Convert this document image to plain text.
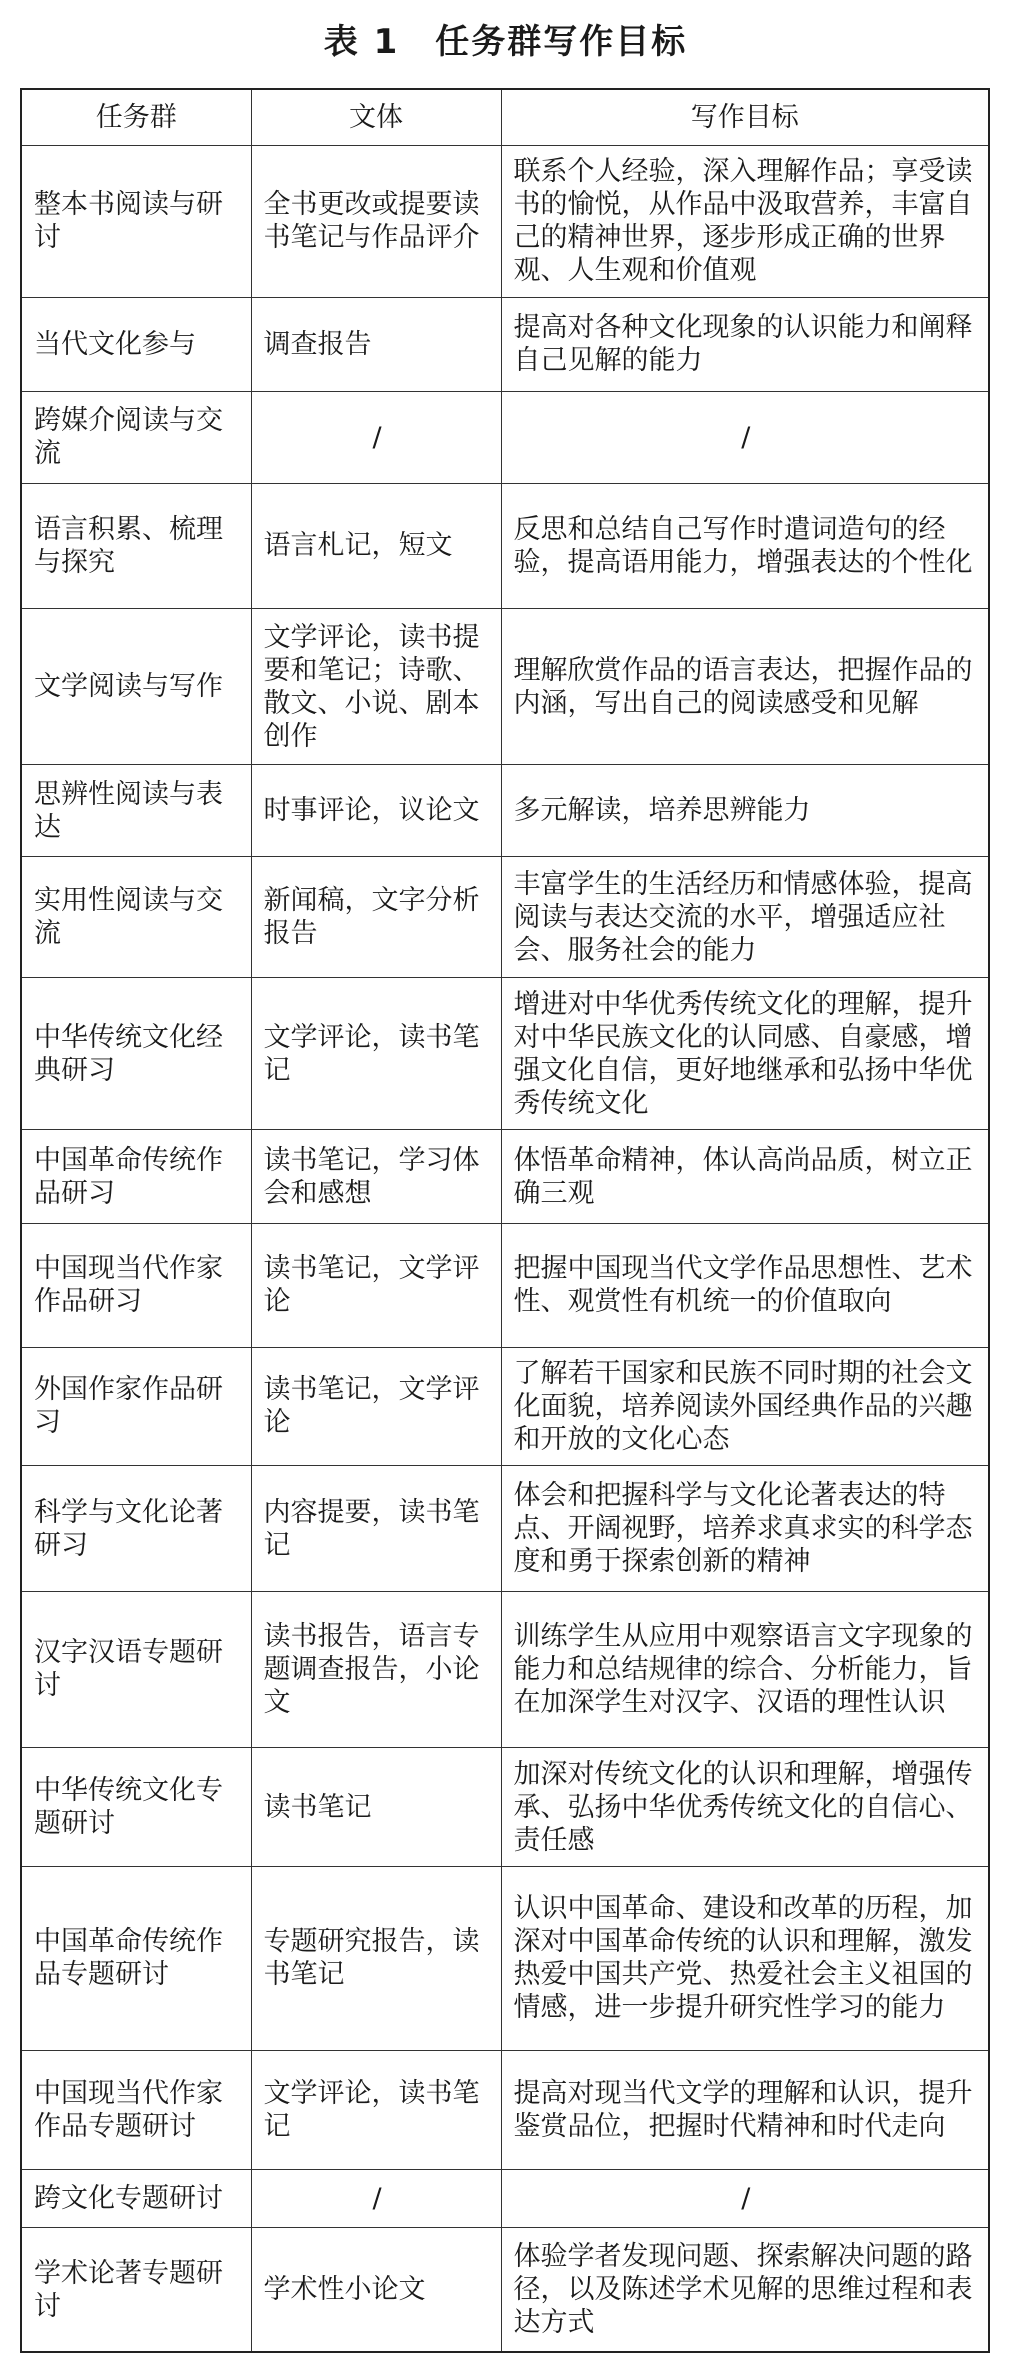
表 1　任务群写作目标
任务群	文体	写作目标
整本书阅读与研讨	全书更改或提要读书笔记与作品评介	联系个人经验，深入理解作品；享受读书的愉悦，从作品中汲取营养，丰富自己的精神世界，逐步形成正确的世界观、人生观和价值观
当代文化参与	调查报告	提高对各种文化现象的认识能力和阐释自己见解的能力
跨媒介阅读与交流	/	/
语言积累、梳理与探究	语言札记，短文	反思和总结自己写作时遣词造句的经验，提高语用能力，增强表达的个性化
文学阅读与写作	文学评论，读书提要和笔记；诗歌、散文、小说、剧本创作	理解欣赏作品的语言表达，把握作品的内涵，写出自己的阅读感受和见解
思辨性阅读与表达	时事评论，议论文	多元解读，培养思辨能力
实用性阅读与交流	新闻稿，文字分析报告	丰富学生的生活经历和情感体验，提高阅读与表达交流的水平，增强适应社会、服务社会的能力
中华传统文化经典研习	文学评论，读书笔记	增进对中华优秀传统文化的理解，提升对中华民族文化的认同感、自豪感，增强文化自信，更好地继承和弘扬中华优秀传统文化
中国革命传统作品研习	读书笔记，学习体会和感想	体悟革命精神，体认高尚品质，树立正确三观
中国现当代作家作品研习	读书笔记，文学评论	把握中国现当代文学作品思想性、艺术性、观赏性有机统一的价值取向
外国作家作品研习	读书笔记，文学评论	了解若干国家和民族不同时期的社会文化面貌，培养阅读外国经典作品的兴趣和开放的文化心态
科学与文化论著研习	内容提要，读书笔记	体会和把握科学与文化论著表达的特点、开阔视野，培养求真求实的科学态度和勇于探索创新的精神
汉字汉语专题研讨	读书报告，语言专题调查报告，小论文	训练学生从应用中观察语言文字现象的能力和总结规律的综合、分析能力，旨在加深学生对汉字、汉语的理性认识
中华传统文化专题研讨	读书笔记	加深对传统文化的认识和理解，增强传承、弘扬中华优秀传统文化的自信心、责任感
中国革命传统作品专题研讨	专题研究报告，读书笔记	认识中国革命、建设和改革的历程，加深对中国革命传统的认识和理解，激发热爱中国共产党、热爱社会主义祖国的情感，进一步提升研究性学习的能力
中国现当代作家作品专题研讨	文学评论，读书笔记	提高对现当代文学的理解和认识，提升鉴赏品位，把握时代精神和时代走向
跨文化专题研讨	/	/
学术论著专题研讨	学术性小论文	体验学者发现问题、探索解决问题的路径，以及陈述学术见解的思维过程和表达方式
